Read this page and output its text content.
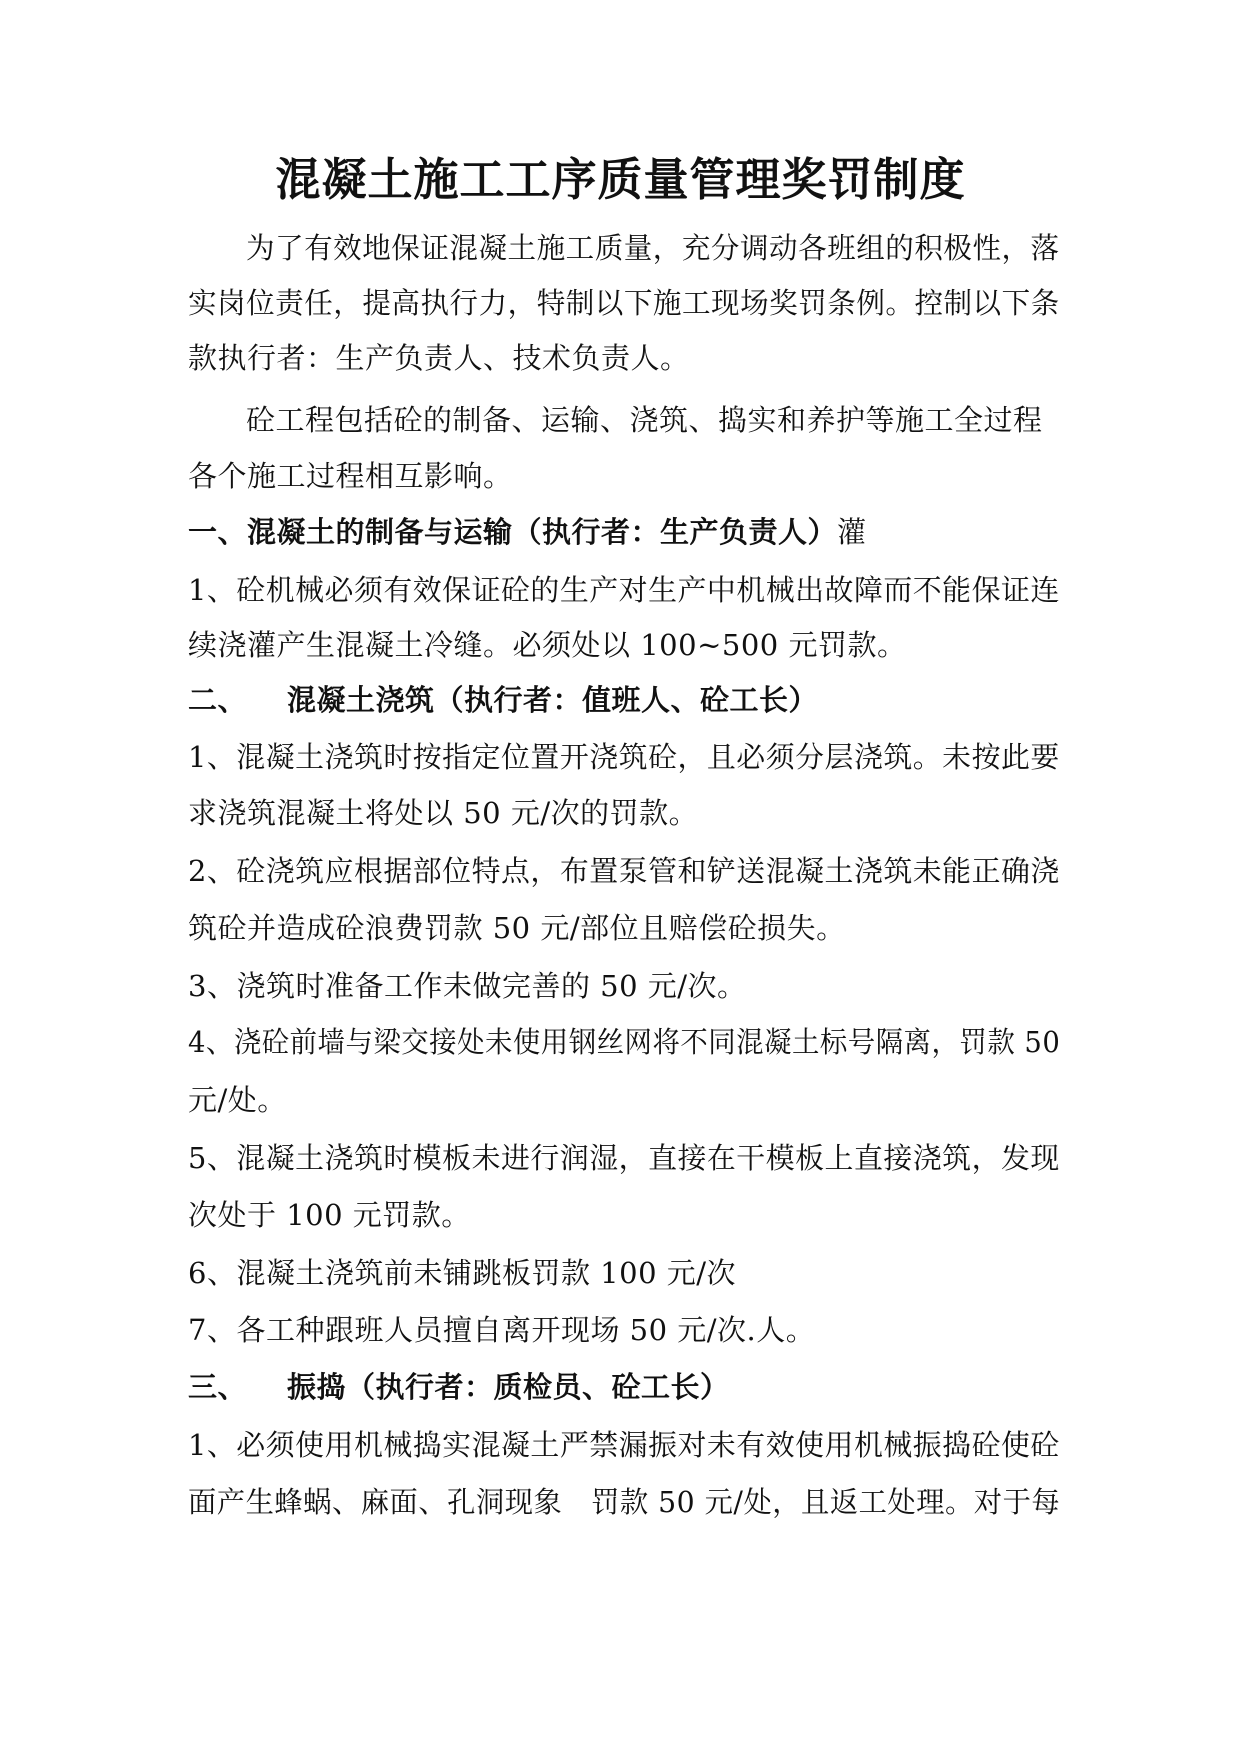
混凝土施工工序质量管理奖罚制度
为了有效地保证混凝土施工质量，充分调动各班组的积极性，落
实岗位责任，提高执行力，特制以下施工现场奖罚条例。控制以下条
款执行者：生产负责人、技术负责人。
砼工程包括砼的制备、运输、浇筑、捣实和养护等施工全过程
各个施工过程相互影响。
一、混凝土的制备与运输（执行者：生产负责人）灌
1、砼机械必须有效保证砼的生产对生产中机械出故障而不能保证连
续浇灌产生混凝土冷缝。必须处以 100~500 元罚款。
二、 混凝土浇筑（执行者：值班人、砼工长）
1、混凝土浇筑时按指定位置开浇筑砼，且必须分层浇筑。未按此要
求浇筑混凝土将处以 50 元/次的罚款。
2、砼浇筑应根据部位特点，布置泵管和铲送混凝土浇筑未能正确浇
筑砼并造成砼浪费罚款 50 元/部位且赔偿砼损失。
3、浇筑时准备工作未做完善的 50 元/次。
4、浇砼前墙与梁交接处未使用钢丝网将不同混凝土标号隔离，罚款 50
元/处。
5、混凝土浇筑时模板未进行润湿，直接在干模板上直接浇筑，发现
次处于 100 元罚款。
6、混凝土浇筑前未铺跳板罚款 100 元/次
7、各工种跟班人员擅自离开现场 50 元/次.人。
三、 振捣（执行者：质检员、砼工长）
1、必须使用机械捣实混凝土严禁漏振对未有效使用机械振捣砼使砼
面产生蜂蜗、麻面、孔洞现象　罚款 50 元/处，且返工处理。对于每
